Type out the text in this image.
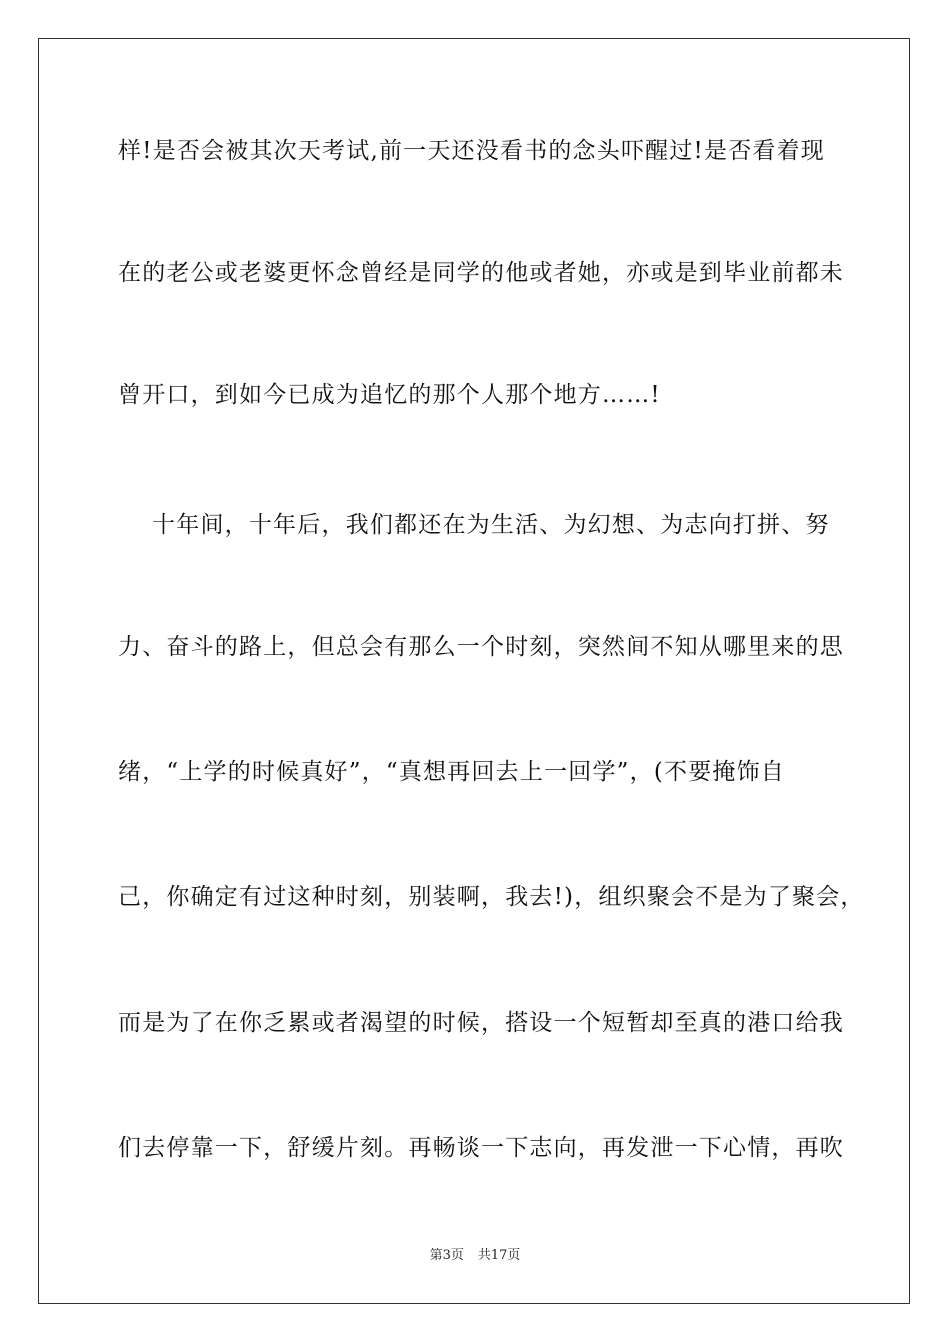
样!是否会被其次天考试,前一天还没看书的念头吓醒过!是否看着现
在的老公或老婆更怀念曾经是同学的他或者她，亦或是到毕业前都未
曾开口，到如今已成为追忆的那个人那个地方……!
十年间，十年后，我们都还在为生活、为幻想、为志向打拼、努
力、奋斗的路上，但总会有那么一个时刻，突然间不知从哪里来的思
绪，“上学的时候真好”，“真想再回去上一回学”，(不要掩饰自
己，你确定有过这种时刻，别装啊，我去!)，组织聚会不是为了聚会，
而是为了在你乏累或者渴望的时候，搭设一个短暂却至真的港口给我
们去停靠一下，舒缓片刻。再畅谈一下志向，再发泄一下心情，再吹
第3页 共17页
